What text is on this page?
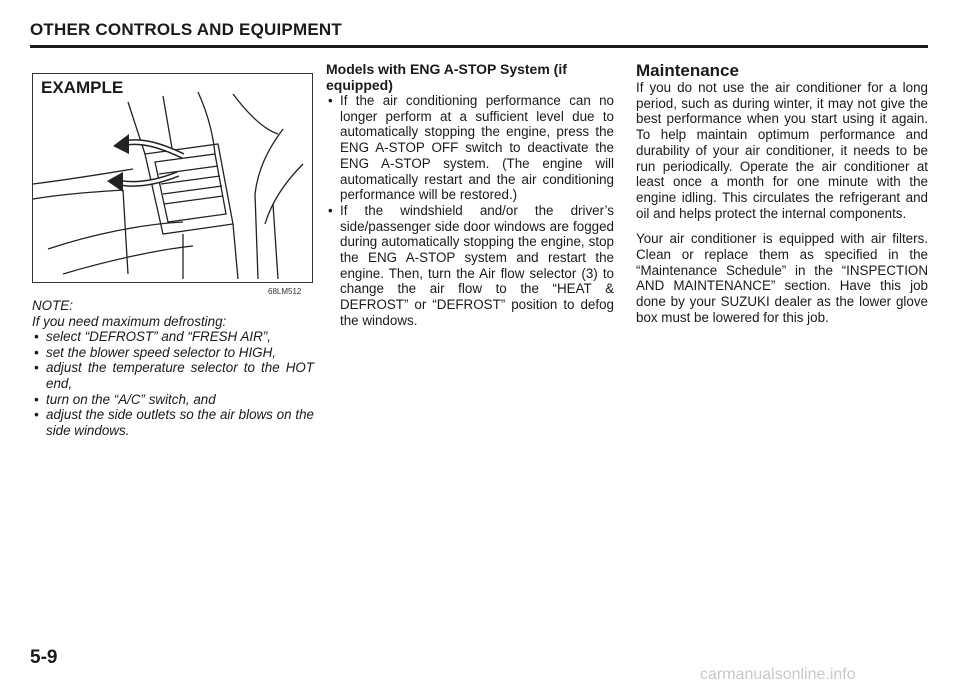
OTHER CONTROLS AND EQUIPMENT
EXAMPLE
68LM512

NOTE:

If you need maximum defrosting:

• select “DEFROST” and “FRESH AIR”,
• set the blower speed selector to HIGH,
• adjust the temperature selector to the HOT end,
• turn on the “A/C” switch, and
• adjust the side outlets so the air blows on the side windows.
Models with ENG A-STOP System (if equipped)
• If the air conditioning performance can no longer perform at a sufficient level due to automatically stopping the engine, press the ENG A-STOP OFF switch to deactivate the ENG A-STOP system. (The engine will automatically restart and the air conditioning performance will be restored.)
• If the windshield and/or the driver’s side/passenger side door windows are fogged during automatically stopping the engine, stop the ENG A-STOP system and restart the engine. Then, turn the Air flow selector (3) to change the air flow to the “HEAT & DEFROST” or “DEFROST” position to defog the windows.
Maintenance

If you do not use the air conditioner for a long period, such as during winter, it may not give the best performance when you start using it again. To help maintain optimum performance and durability of your air conditioner, it needs to be run periodically. Operate the air conditioner at least once a month for one minute with the engine idling. This circulates the refrigerant and oil and helps protect the internal components.

Your air conditioner is equipped with air filters. Clean or replace them as specified in the “Maintenance Schedule” in the “INSPECTION AND MAINTENANCE” section. Have this job done by your SUZUKI dealer as the lower glove box must be lowered for this job.

5-9
carmanualsonline.info
